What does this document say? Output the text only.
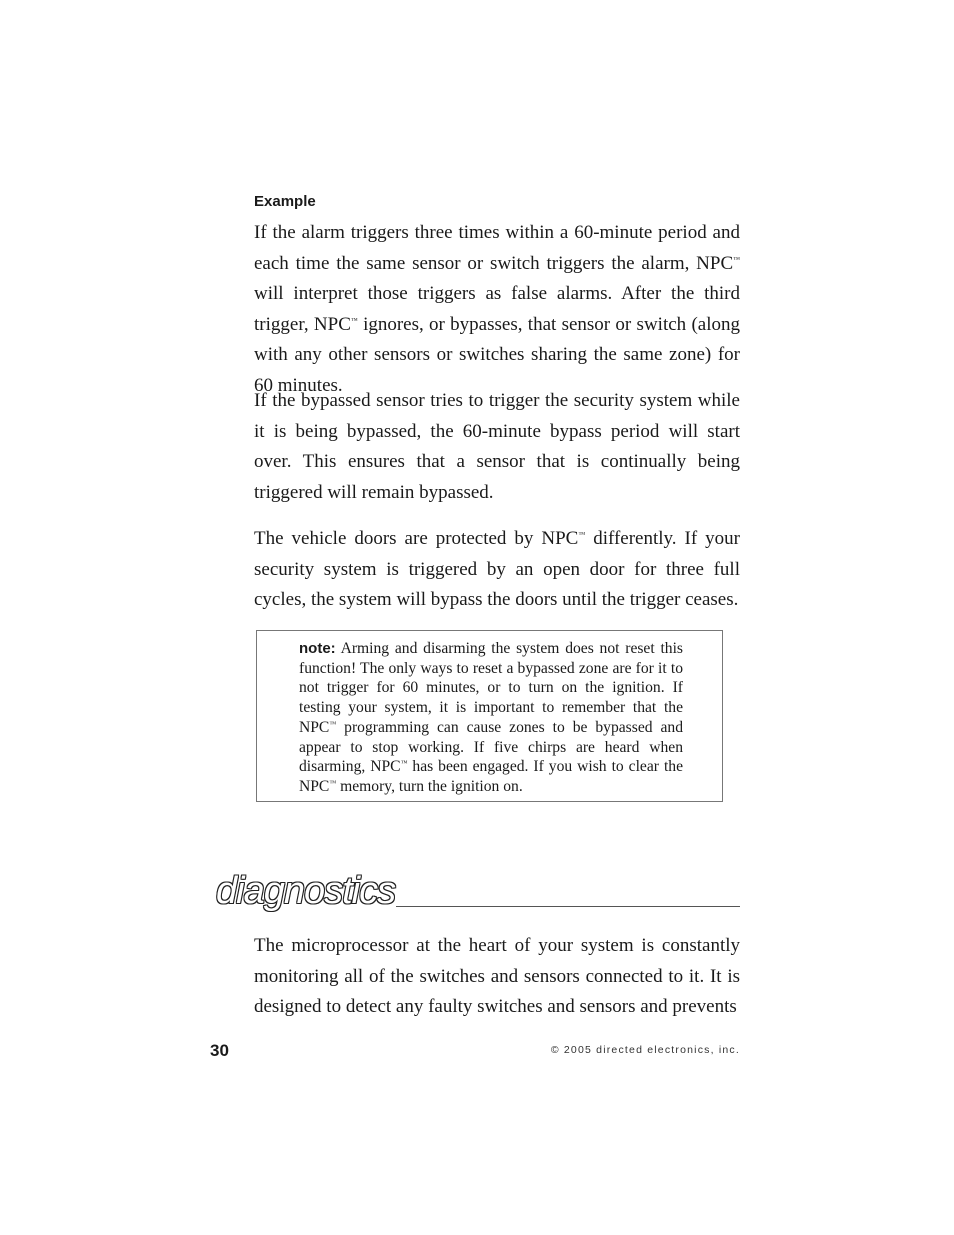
Example

If the alarm triggers three times within a 60-minute period and each time the same sensor or switch triggers the alarm, NPC™ will interpret those triggers as false alarms. After the third trigger, NPC™ ignores, or bypasses, that sensor or switch (along with any other sensors or switches sharing the same zone) for 60 minutes.

If the bypassed sensor tries to trigger the security system while it is being bypassed, the 60-minute bypass period will start over. This ensures that a sensor that is continually being triggered will remain bypassed.

The vehicle doors are protected by NPC™ differently. If your security system is triggered by an open door for three full cycles, the system will bypass the doors until the trigger ceases.

note: Arming and disarming the system does not reset this function! The only ways to reset a bypassed zone are for it to not trigger for 60 minutes, or to turn on the ignition. If testing your system, it is important to remember that the NPC™ programming can cause zones to be bypassed and appear to stop working. If five chirps are heard when disarming, NPC™ has been engaged. If you wish to clear the NPC™ memory, turn the ignition on.

diagnostics

The microprocessor at the heart of your system is constantly monitoring all of the switches and sensors connected to it. It is designed to detect any faulty switches and sensors and prevents

30	© 2005 directed electronics, inc.
